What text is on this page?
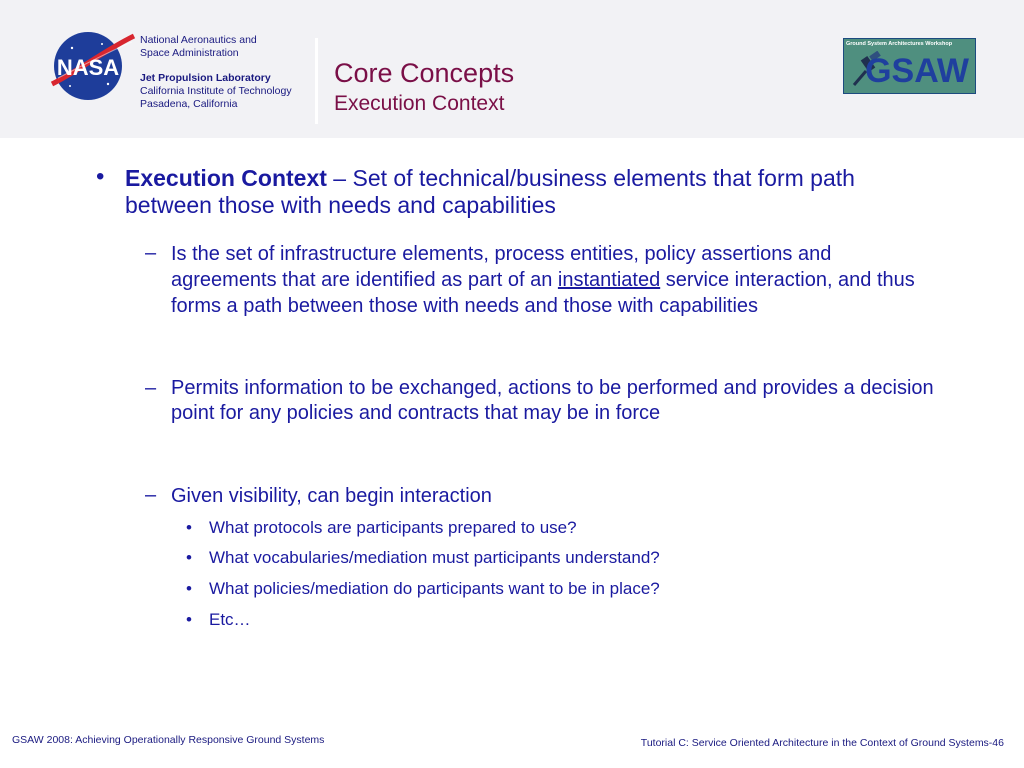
NASA
National Aeronautics and
Space Administration
Jet Propulsion Laboratory
California Institute of Technology
Pasadena, California
Core Concepts
Execution Context
Ground System Architectures Workshop
GSAW
• Execution Context – Set of technical/business elements that form path between those with needs and capabilities
– Is the set of infrastructure elements, process entities, policy assertions and agreements that are identified as part of an instantiated service interaction, and thus forms a path between those with needs and those with capabilities
– Permits information to be exchanged, actions to be performed and provides a decision point for any policies and contracts that may be in force
– Given visibility, can begin interaction
• What protocols are participants prepared to use?
• What vocabularies/mediation must participants understand?
• What policies/mediation do participants want to be in place?
• Etc…
GSAW 2008: Achieving Operationally Responsive Ground Systems	Tutorial C: Service Oriented Architecture in the Context of Ground Systems-46
